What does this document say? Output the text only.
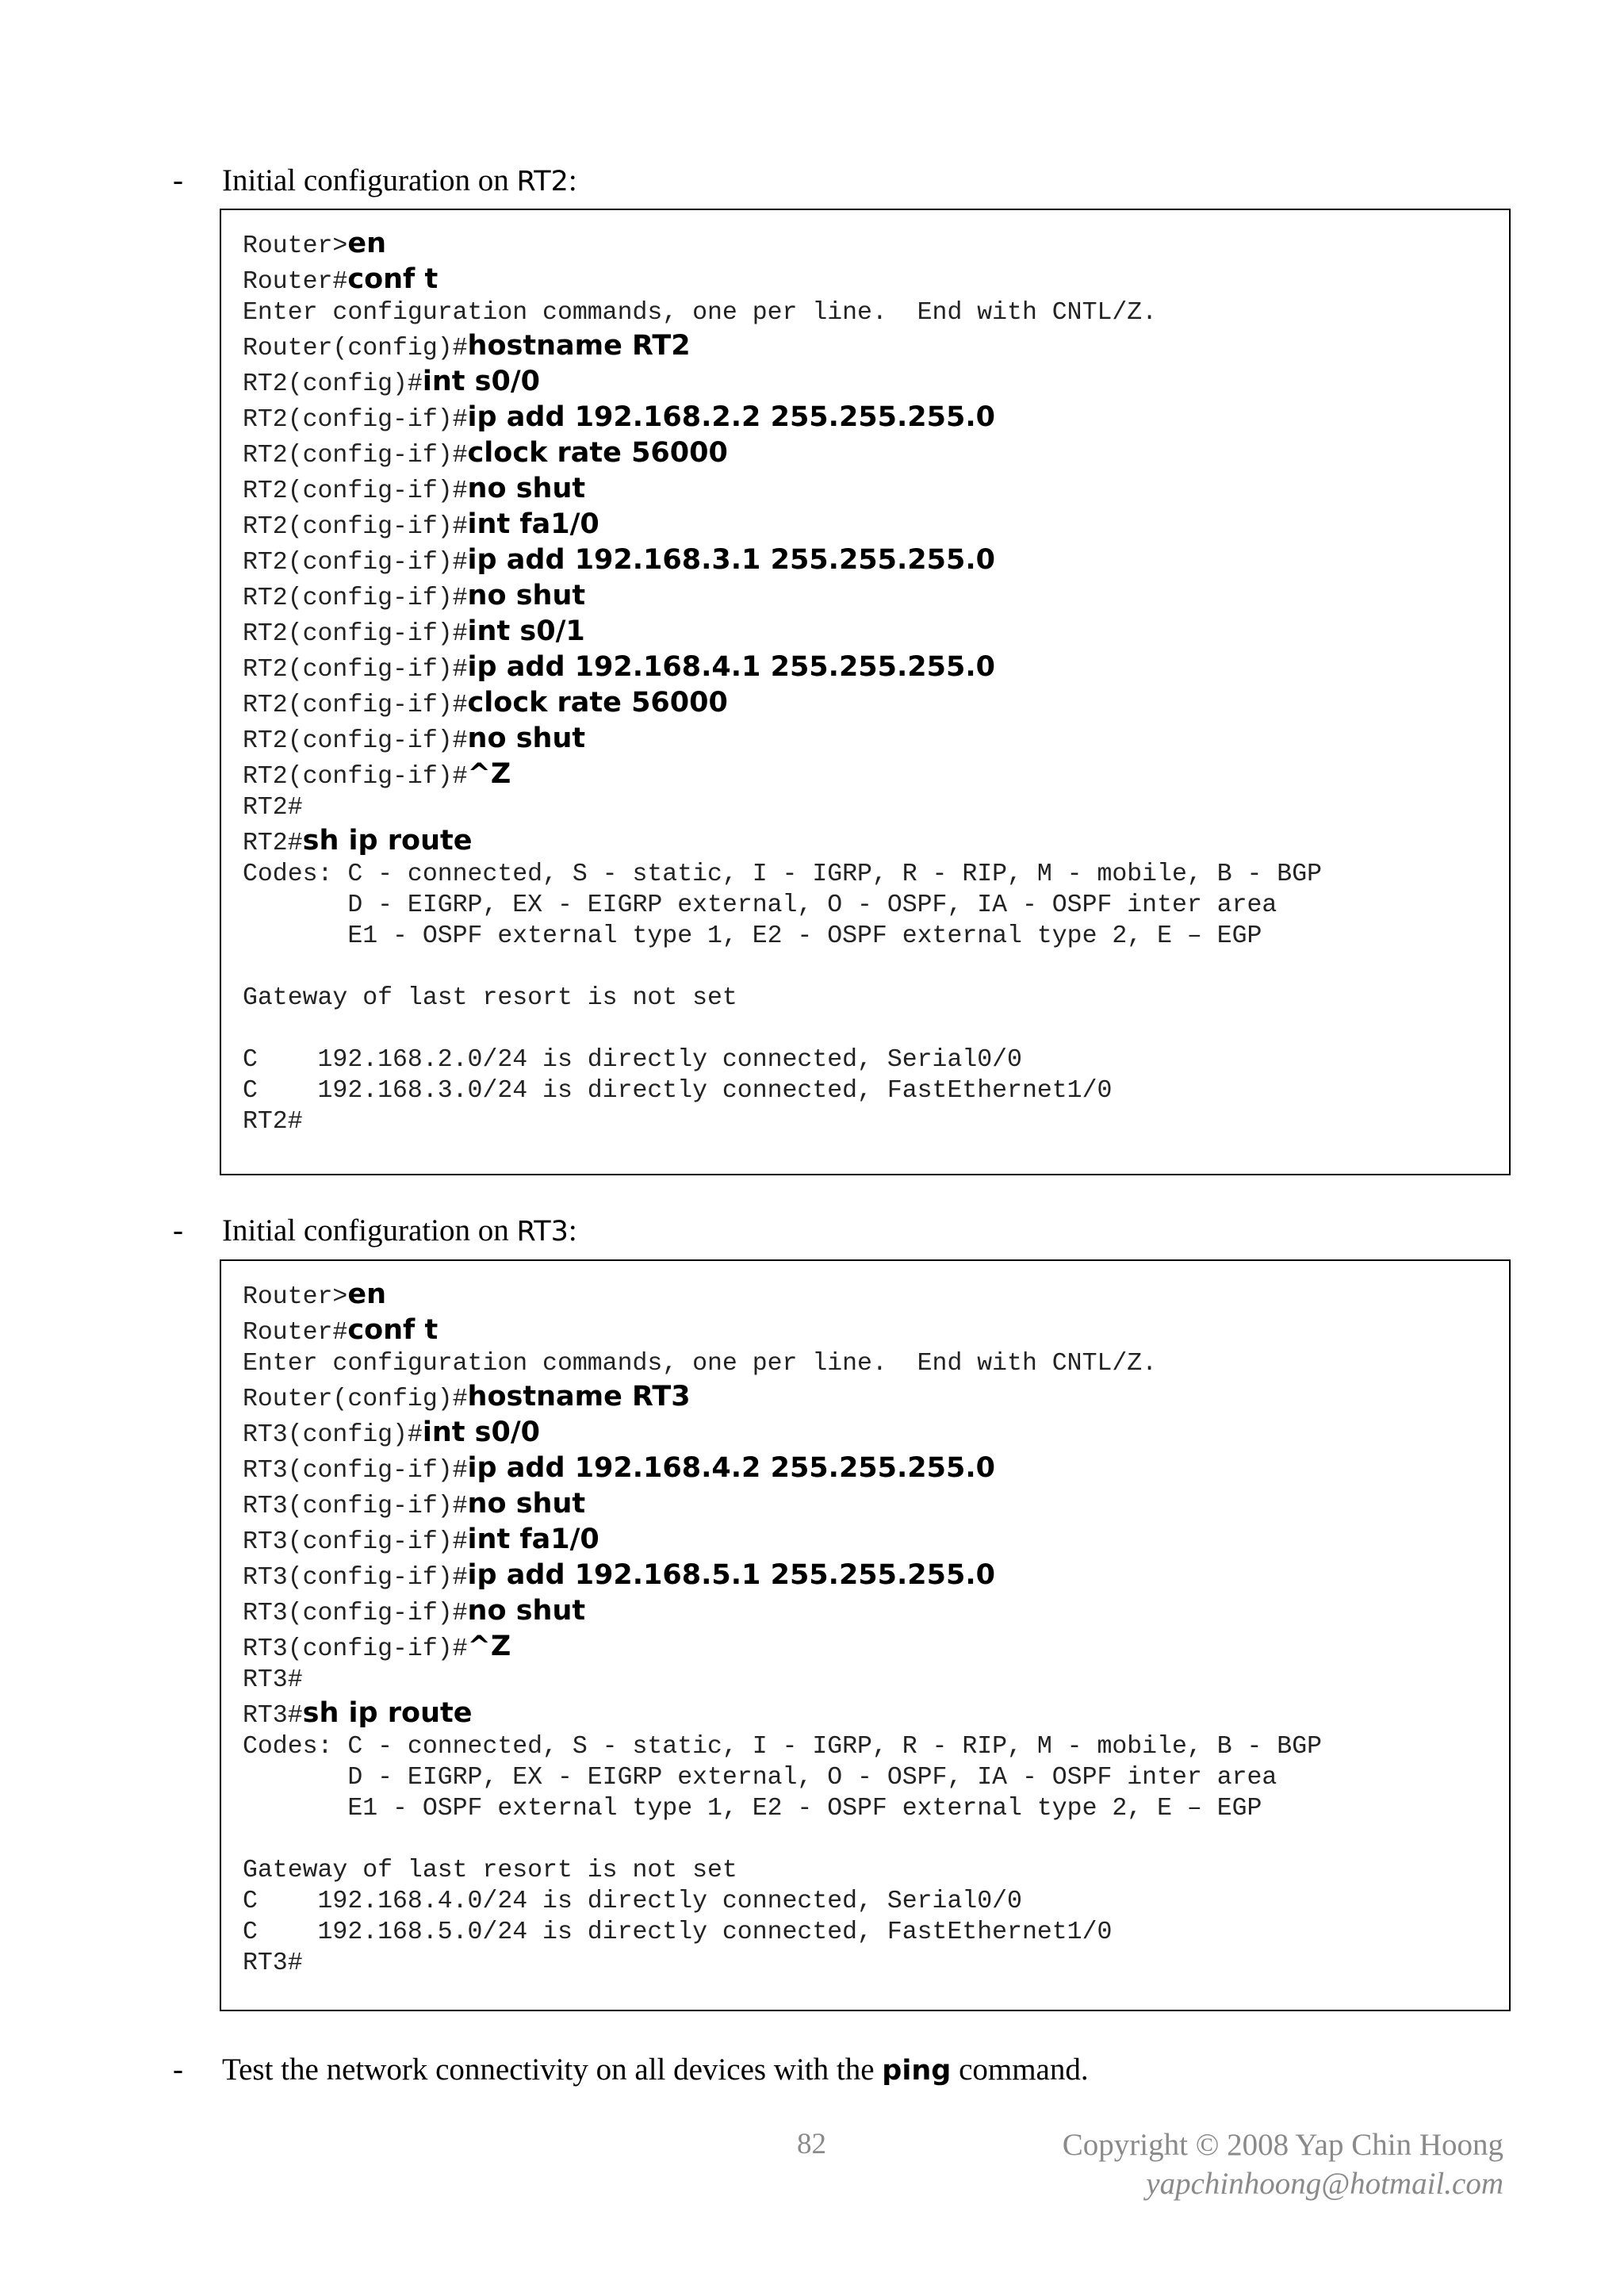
- Initial configuration on RT2:
Router>en
Router#conf t
Enter configuration commands, one per line.  End with CNTL/Z.
Router(config)#hostname RT2
RT2(config)#int s0/0
RT2(config-if)#ip add 192.168.2.2 255.255.255.0
RT2(config-if)#clock rate 56000
RT2(config-if)#no shut
RT2(config-if)#int fa1/0
RT2(config-if)#ip add 192.168.3.1 255.255.255.0
RT2(config-if)#no shut
RT2(config-if)#int s0/1
RT2(config-if)#ip add 192.168.4.1 255.255.255.0
RT2(config-if)#clock rate 56000
RT2(config-if)#no shut
RT2(config-if)#^Z
RT2#
RT2#sh ip route
Codes: C - connected, S - static, I - IGRP, R - RIP, M - mobile, B - BGP
D - EIGRP, EX - EIGRP external, O - OSPF, IA - OSPF inter area
E1 - OSPF external type 1, E2 - OSPF external type 2, E – EGP
Gateway of last resort is not set
C    192.168.2.0/24 is directly connected, Serial0/0
C    192.168.3.0/24 is directly connected, FastEthernet1/0
RT2#
- Initial configuration on RT3:
Router>en
Router#conf t
Enter configuration commands, one per line.  End with CNTL/Z.
Router(config)#hostname RT3
RT3(config)#int s0/0
RT3(config-if)#ip add 192.168.4.2 255.255.255.0
RT3(config-if)#no shut
RT3(config-if)#int fa1/0
RT3(config-if)#ip add 192.168.5.1 255.255.255.0
RT3(config-if)#no shut
RT3(config-if)#^Z
RT3#
RT3#sh ip route
Codes: C - connected, S - static, I - IGRP, R - RIP, M - mobile, B - BGP
D - EIGRP, EX - EIGRP external, O - OSPF, IA - OSPF inter area
E1 - OSPF external type 1, E2 - OSPF external type 2, E – EGP
Gateway of last resort is not set
C    192.168.4.0/24 is directly connected, Serial0/0
C    192.168.5.0/24 is directly connected, FastEthernet1/0
RT3#
- Test the network connectivity on all devices with the ping command.
82	Copyright © 2008 Yap Chin Hoong
yapchinhoong@hotmail.com
